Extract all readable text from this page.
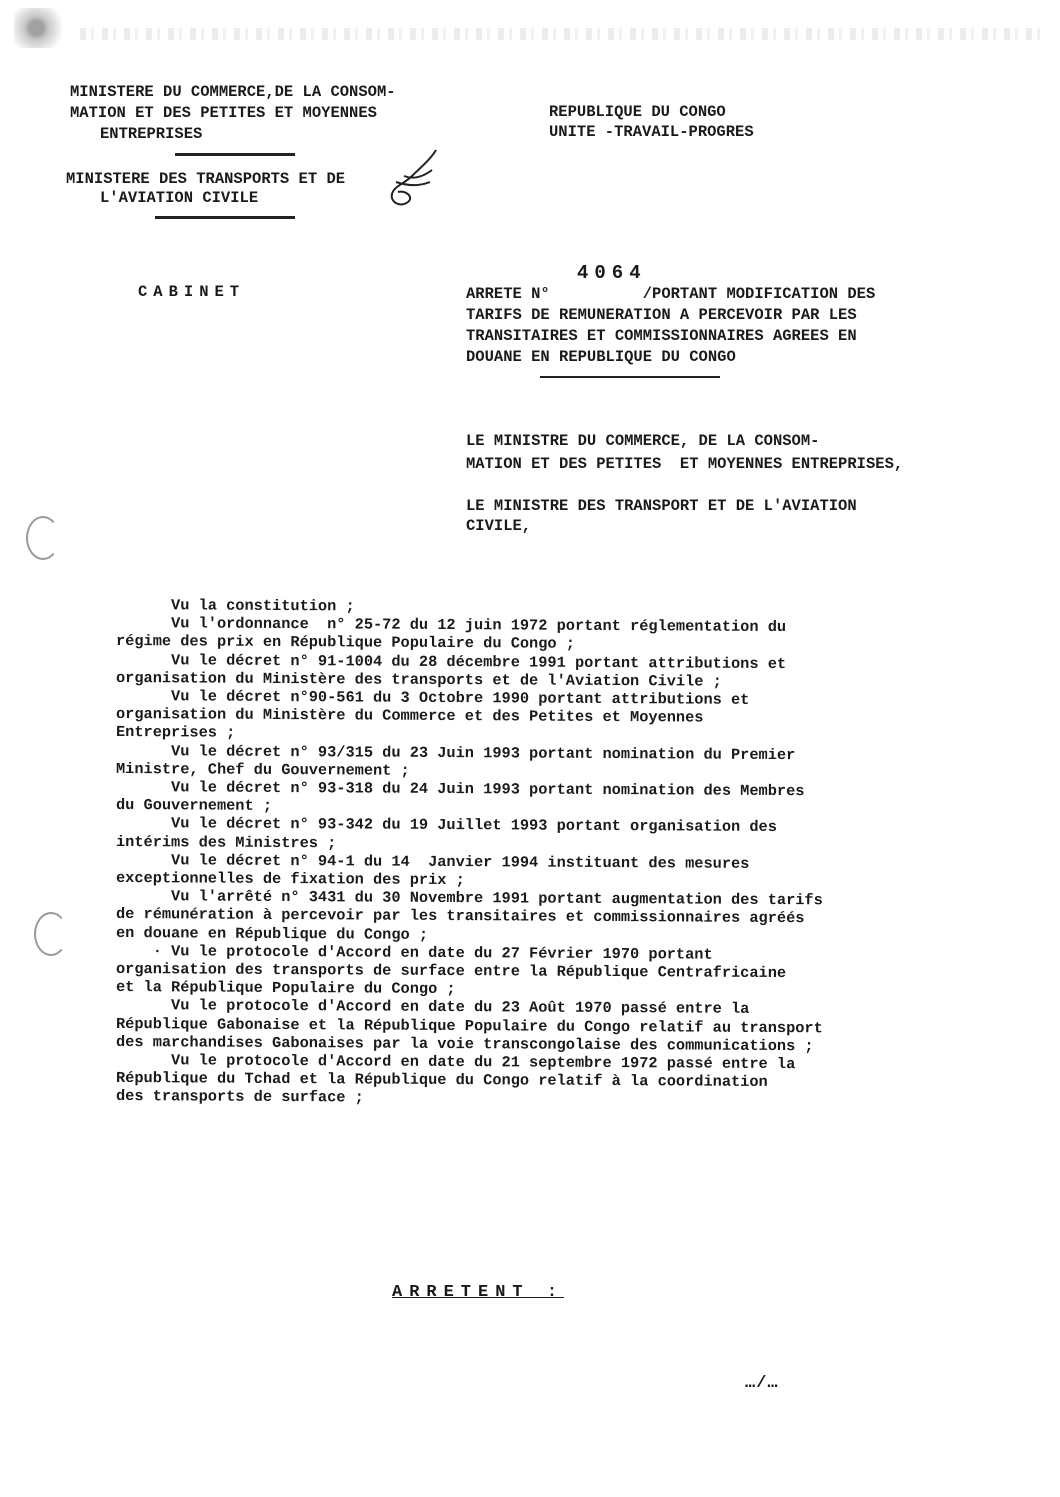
MINISTERE DU COMMERCE,DE LA CONSOM-
MATION ET DES PETITES ET MOYENNES
ENTREPRISES
MINISTERE DES TRANSPORTS ET DE
L'AVIATION CIVILE
REPUBLIQUE DU CONGO
UNITE -TRAVAIL-PROGRES
CABINET
4064
ARRETE N°          /PORTANT MODIFICATION DES
TARIFS DE REMUNERATION A PERCEVOIR PAR LES
TRANSITAIRES ET COMMISSIONNAIRES AGREES EN
DOUANE EN REPUBLIQUE DU CONGO
LE MINISTRE DU COMMERCE, DE LA CONSOM-
MATION ET DES PETITES  ET MOYENNES ENTREPRISES,
LE MINISTRE DES TRANSPORT ET DE L'AVIATION
CIVILE,

Vu la constitution ;

Vu l'ordonnance  n° 25-72 du 12 juin 1972 portant réglementation du

régime des prix en République Populaire du Congo ;

Vu le décret n° 91-1004 du 28 décembre 1991 portant attributions et

organisation du Ministère des transports et de l'Aviation Civile ;

Vu le décret n°90-561 du 3 Octobre 1990 portant attributions et

organisation du Ministère du Commerce et des Petites et Moyennes

Entreprises ;

Vu le décret n° 93/315 du 23 Juin 1993 portant nomination du Premier

Ministre, Chef du Gouvernement ;

Vu le décret n° 93-318 du 24 Juin 1993 portant nomination des Membres

du Gouvernement ;

Vu le décret n° 93-342 du 19 Juillet 1993 portant organisation des

intérims des Ministres ;

Vu le décret n° 94-1 du 14  Janvier 1994 instituant des mesures

exceptionnelles de fixation des prix ;

Vu l'arrêté n° 3431 du 30 Novembre 1991 portant augmentation des tarifs

de rémunération à percevoir par les transitaires et commissionnaires agréés

en douane en République du Congo ;

· Vu le protocole d'Accord en date du 27 Février 1970 portant

organisation des transports de surface entre la République Centrafricaine

et la République Populaire du Congo ;

Vu le protocole d'Accord en date du 23 Août 1970 passé entre la

République Gabonaise et la République Populaire du Congo relatif au transport

des marchandises Gabonaises par la voie transcongolaise des communications ;

Vu le protocole d'Accord en date du 21 septembre 1972 passé entre la

République du Tchad et la République du Congo relatif à la coordination

des transports de surface ;

ARRETENT :
…/…
